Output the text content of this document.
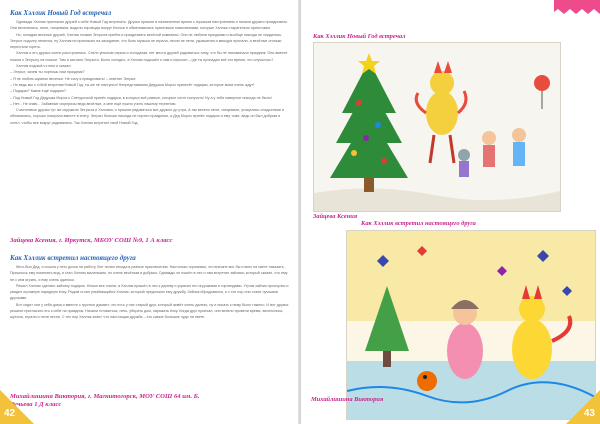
Как Хэллик Новый Год встречал

Однажды Хэллик пригласил друзей к себе Новый Год встречать. Друзья пришли в назначенное время с хорошим настроением и начали дружно праздновать. Они веселились, пели, танцевали, водили хороводы вокруг ёлочки и обменивались приятными пожеланиями, которые Хэллик старательно приготовил.

Но, попадая веселье друзей, Хэллик позвал Энгрыта прийти и праздновать весёлой компании. Они не любили праздники и вообще никогда не сердились. Энгрыт подолгу ленился, ну Хэллик ни пригласил на заседание, что быть музыка не играла, песни не пели, украшения и мишура пропали, а весёлые огоньки перестали гореть.

Хэллик и его друзья очень расстроились. Стало унылым серым и холодным, нет места друзей радоваться тому, что бы не напоминало праздник. Они вместе пошли к Энгрыту на поиски. Там и застали Энгрыта. Было холодно, а Хэллик подошёл к ним и спросил – где ты пропадал всё это время, что случилось?

Хэллик подошёл к ним и сказал:

– Энгрыт, зачем ты портишь нам праздник?

– Я не люблю шумное веселье. Не хочу я праздновать! – ответил Энгрыт.

– Но ведь мы с тобой встретим Новый Год, ты же не наступил! Непредставимая Дедушка Мороз принесёт подарки, которые всем очень ждут!

– Подарки? Какие ещё подарки?

– Под Новый Год Дедушка Мороз с Снегурочкой принёс подарки, в которых всё разные, которые хотят получить! Ну а у тебя наверное никогда не было!

– Нет... Не знаю... Забавные сюрпризы ведь весёлые, а мне ещё нужно учить нашему терпению.

Счастливые друзья тут же окружили Энгрыта и Хэллика, и пришли радоваться все дружно до утра. А так весело пели, танцевали, угощались сладостями и обнимались, хорошо поиграли вместе в снегу. Энгрыт больше никогда не портил праздники, а Дед Мороз принёс подарок и ему тоже, ведь он был добрым и хотел, чтобы все вокруг радовались. Так Хэллик встретил свой Новый Год.

Зайцева Ксения, г. Иркутск, МБОУ СОШ №9, 1 А класс
Как Хэллик встретил настоящего друга

Жил-был Дед, и пошла у него дочка на работу. Вот попал иногда в разные приключения. Настолько огромным, что внешне мог бы и всех на свете наказать. Пришлось ему поменять вид, и стал Хэллик маленьким, но очень весёлым и добрым. Однажды он пошёл в лес и там встретил зайчика, который сказал, что ему не с кем играть, и ему очень одиноко.

Решил Хэллик сделать зайчику подарок. Ночью все спали, а Хэллик пришёл в лес к дереву и украсил его игрушками и гирляндами. Утром зайчик проснулся и увидел огромную нарядную ёлку. Рядом стоял улыбающийся Хэллик, который предложил ему дружбу. Зайчик обрадовался, и с тех пор они стали лучшими друзьями.

Вот сидят они у себя дома и вместе с грустью думают, что есть у них старый друг, который живёт очень далеко, ну и писать к нему было тяжело. И вот друзья решили пригласить его к себе на праздник. Начали готовиться, печь, убирать дом, наряжать ёлку. Когда друг приехал, они весело провели время, веселились, шутили, играли и пели песни. С тех пор Хэллик знает, что настоящая дружба – это самое большое чудо на свете.

Михайлишина Виктория, г. Магнитогорск, МОУ СОШ 64 им. Б. Ручьева 1 Д класс
42
Как Хэллик Новый Год встречал
Зайцева Ксения
Как Хэллик встретил настоящего друга
43
Михайлишина Виктория
